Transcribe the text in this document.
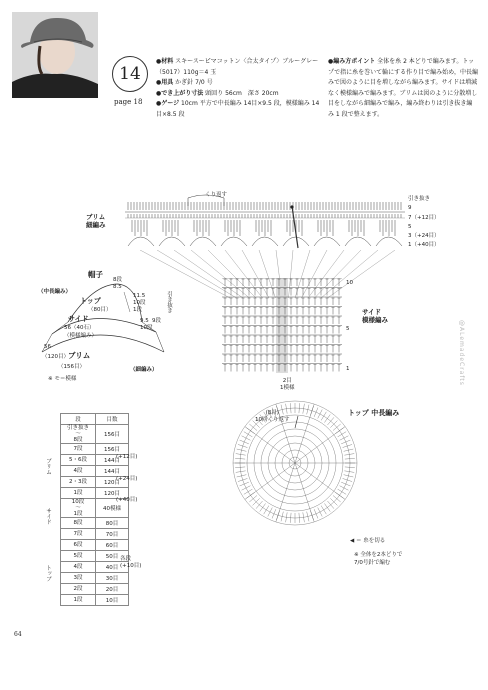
14
page 18
●材料 スキースーピマコットン〈合太タイプ〉ブルーグレー（5017）110g＝4 玉
●用具 かぎ針 7/0 号
●でき上がり寸法 頭回り 56cm　深さ 20cm
●ゲージ 10cm 平方で中長編み 14目×9.5 段，模様編み 14目×8.5 段
●編み方ポイント 全体を糸 2 本どりで編みます。トップで指に糸を巻いて輪にする作り目で編み始め，中長編みで図のように目を増しながら編みます。サイドは増減なく模様編みで編みます。ブリムは図のように分散増し目をしながら細編みで編み，編み終わりは引き抜き編み 1 段で整えます。
ブリム
細編み
くり返す
引き抜き
9
7（+12目）
5
3（+24目）
1（+40目）
10
5
1
サイド
模様編み
2目
1模様
帽子
（中長編み）
8段
8.5
11.5
10段
1段
9.5
10段
引き抜き
9段
トップ
（80目）
サイド
56（40石）
（模様編み）
56
（120目） ブリム
（156目）	（細編み）
※ モ＝模様
段	目数
引き抜き
〜
8段	156目
7段	156目
5・6段	144目
4段	144目
2・3段	120目
1段	120目
10段
〜
1段	40模様
8段	80目
7段	70目
6段	60目
5段	50目
4段	40目
3段	30目
2段	20目
1段	10目
(+12目)
(+24目)
(+40目)
ブリム
サイド
トップ
各段
(+10目)
(8目)
10回くり返す
トップ 中長編み
◀ ＝ 糸を切る
※ 全体を2本どりで
7/0号針で編む
64
@ALemadeCrafts
